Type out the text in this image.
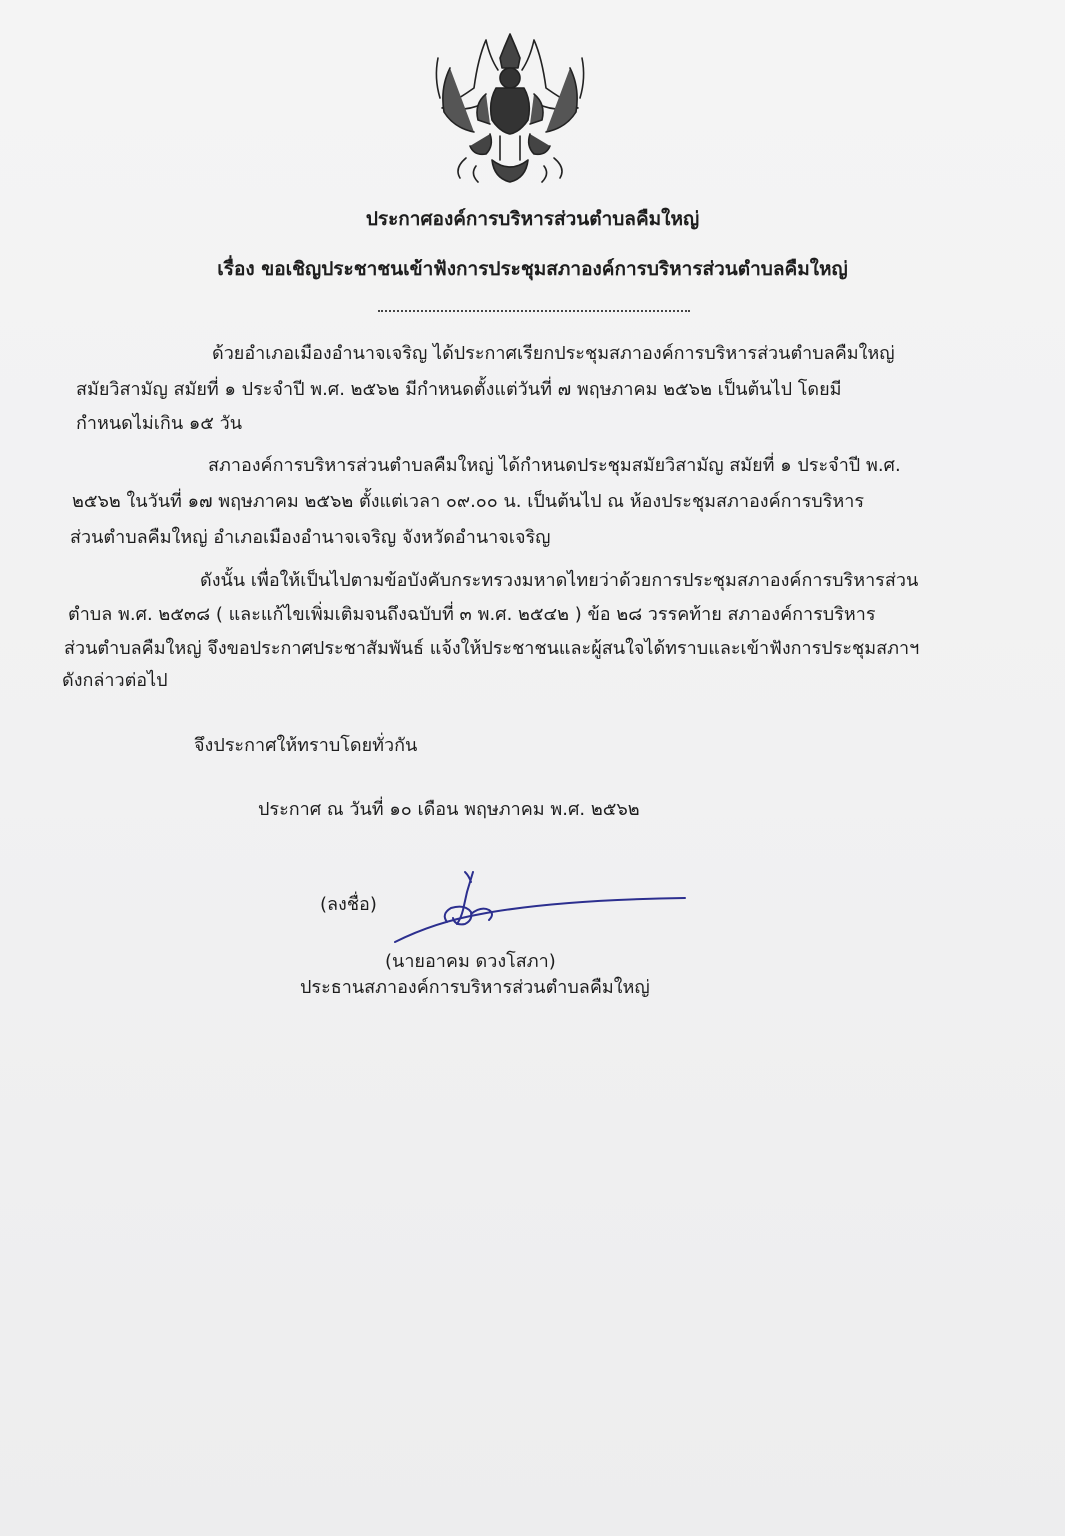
ประกาศองค์การบริหารส่วนตำบลคืมใหญ่
เรื่อง ขอเชิญประชาชนเข้าฟังการประชุมสภาองค์การบริหารส่วนตำบลคืมใหญ่
ด้วยอำเภอเมืองอำนาจเจริญ ได้ประกาศเรียกประชุมสภาองค์การบริหารส่วนตำบลคืมใหญ่
สมัยวิสามัญ สมัยที่ ๑ ประจำปี พ.ศ. ๒๕๖๒ มีกำหนดตั้งแต่วันที่ ๗ พฤษภาคม ๒๕๖๒ เป็นต้นไป โดยมี
กำหนดไม่เกิน ๑๕ วัน
สภาองค์การบริหารส่วนตำบลคืมใหญ่ ได้กำหนดประชุมสมัยวิสามัญ สมัยที่ ๑ ประจำปี พ.ศ.
๒๕๖๒ ในวันที่ ๑๗ พฤษภาคม ๒๕๖๒ ตั้งแต่เวลา ๐๙.๐๐ น. เป็นต้นไป ณ ห้องประชุมสภาองค์การบริหาร
ส่วนตำบลคืมใหญ่ อำเภอเมืองอำนาจเจริญ จังหวัดอำนาจเจริญ
ดังนั้น เพื่อให้เป็นไปตามข้อบังคับกระทรวงมหาดไทยว่าด้วยการประชุมสภาองค์การบริหารส่วน
ตำบล พ.ศ. ๒๕๓๘ ( และแก้ไขเพิ่มเติมจนถึงฉบับที่ ๓ พ.ศ. ๒๕๔๒ ) ข้อ ๒๘ วรรคท้าย สภาองค์การบริหาร
ส่วนตำบลคืมใหญ่ จึงขอประกาศประชาสัมพันธ์ แจ้งให้ประชาชนและผู้สนใจได้ทราบและเข้าฟังการประชุมสภาฯ
ดังกล่าวต่อไป
จึงประกาศให้ทราบโดยทั่วกัน
ประกาศ ณ วันที่ ๑๐ เดือน พฤษภาคม พ.ศ. ๒๕๖๒
(ลงชื่อ)
(นายอาคม ดวงโสภา)
ประธานสภาองค์การบริหารส่วนตำบลคืมใหญ่
